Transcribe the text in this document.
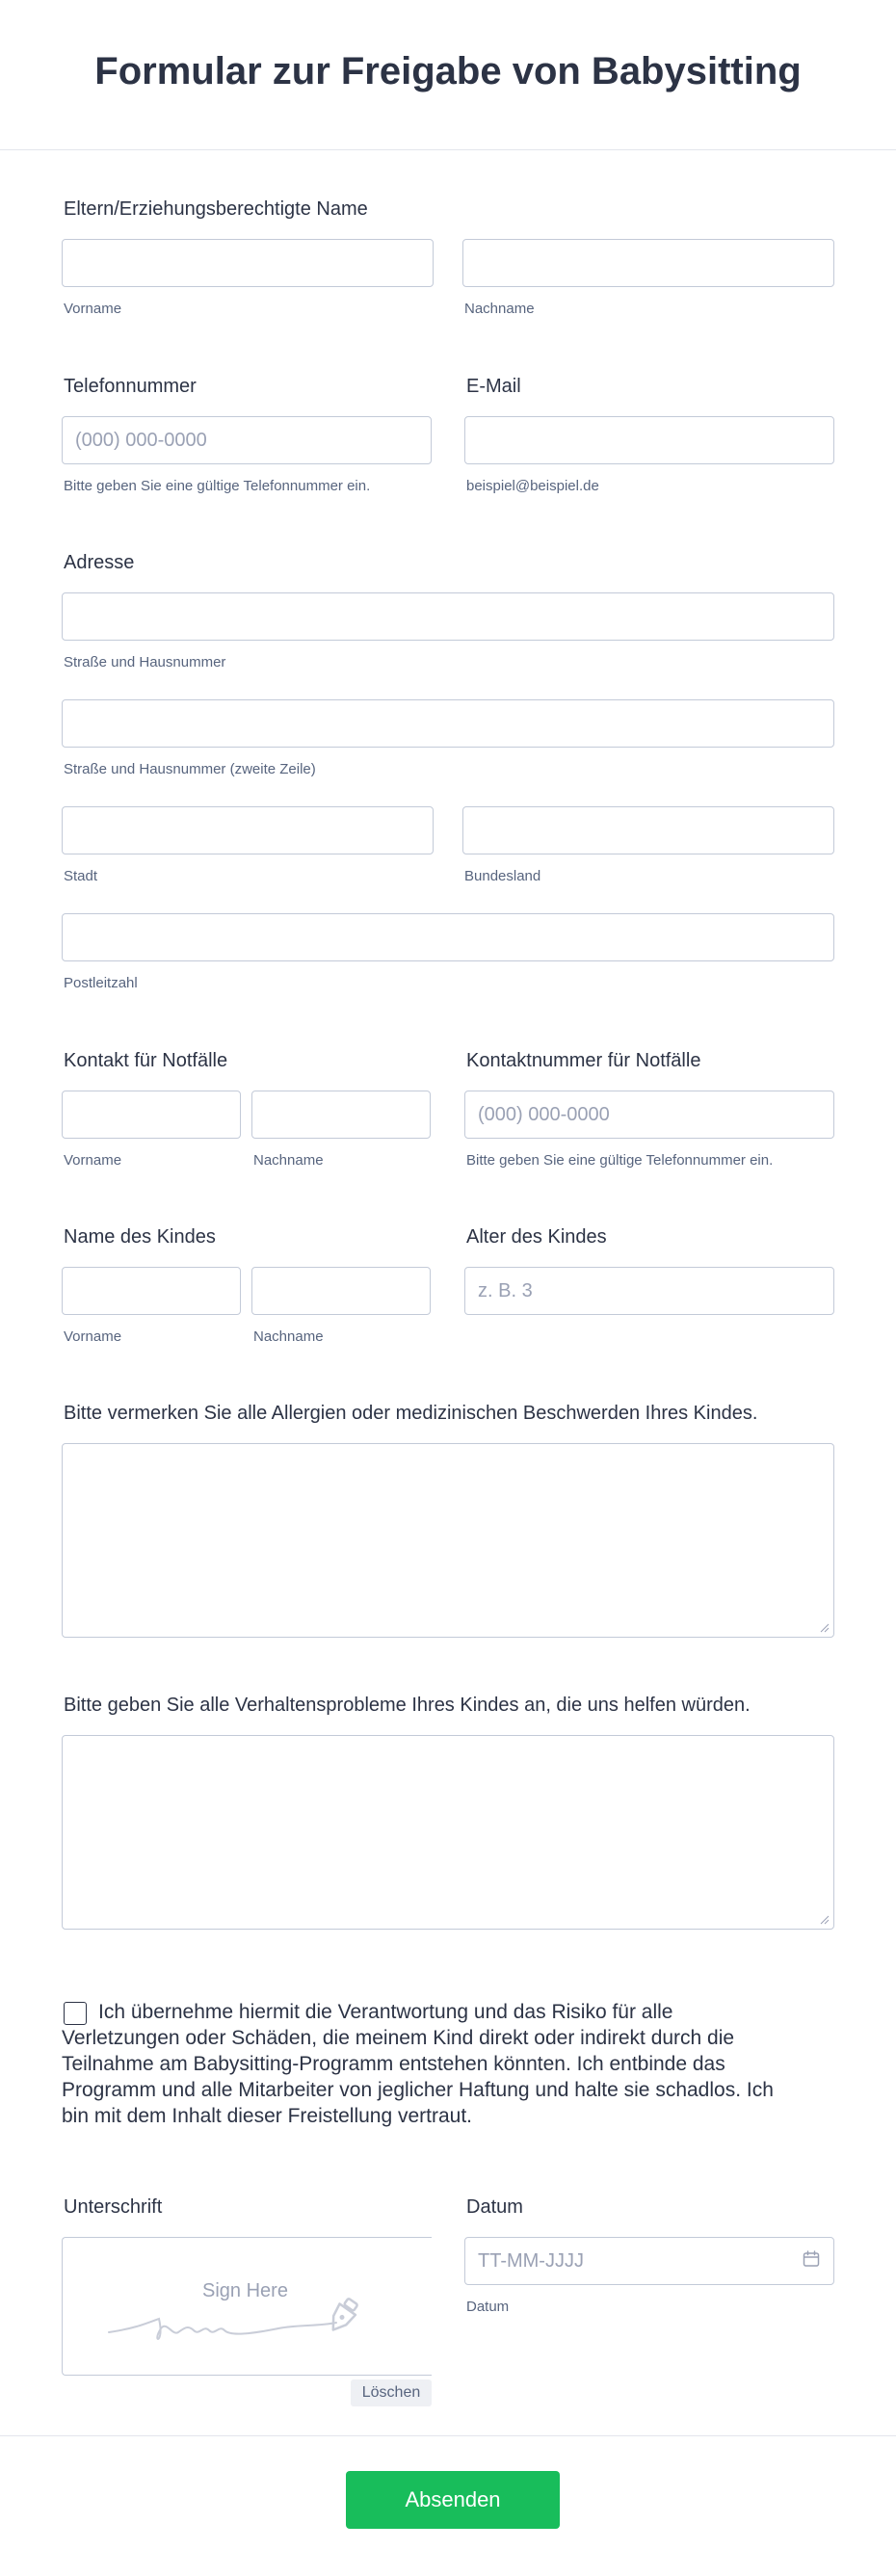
Formular zur Freigabe von Babysitting
Eltern/Erziehungsberechtigte Name
Vorname	Nachname
Telefonnummer
(000) 000-0000
Bitte geben Sie eine gültige Telefonnummer ein.
E-Mail
beispiel@beispiel.de
Adresse
Straße und Hausnummer
Straße und Hausnummer (zweite Zeile)
Stadt	Bundesland
Postleitzahl
Kontakt für Notfälle
Vorname	Nachname
Kontaktnummer für Notfälle
(000) 000-0000
Bitte geben Sie eine gültige Telefonnummer ein.
Name des Kindes
Vorname	Nachname
Alter des Kindes
z. B. 3
Bitte vermerken Sie alle Allergien oder medizinischen Beschwerden Ihres Kindes.
Bitte geben Sie alle Verhaltensprobleme Ihres Kindes an, die uns helfen würden.
Ich übernehme hiermit die Verantwortung und das Risiko für alle Verletzungen oder Schäden, die meinem Kind direkt oder indirekt durch die Teilnahme am Babysitting-Programm entstehen könnten. Ich entbinde das Programm und alle Mitarbeiter von jeglicher Haftung und halte sie schadlos. Ich bin mit dem Inhalt dieser Freistellung vertraut.
Unterschrift
Sign Here
Löschen
Datum
TT-MM-JJJJ
Datum
Absenden
